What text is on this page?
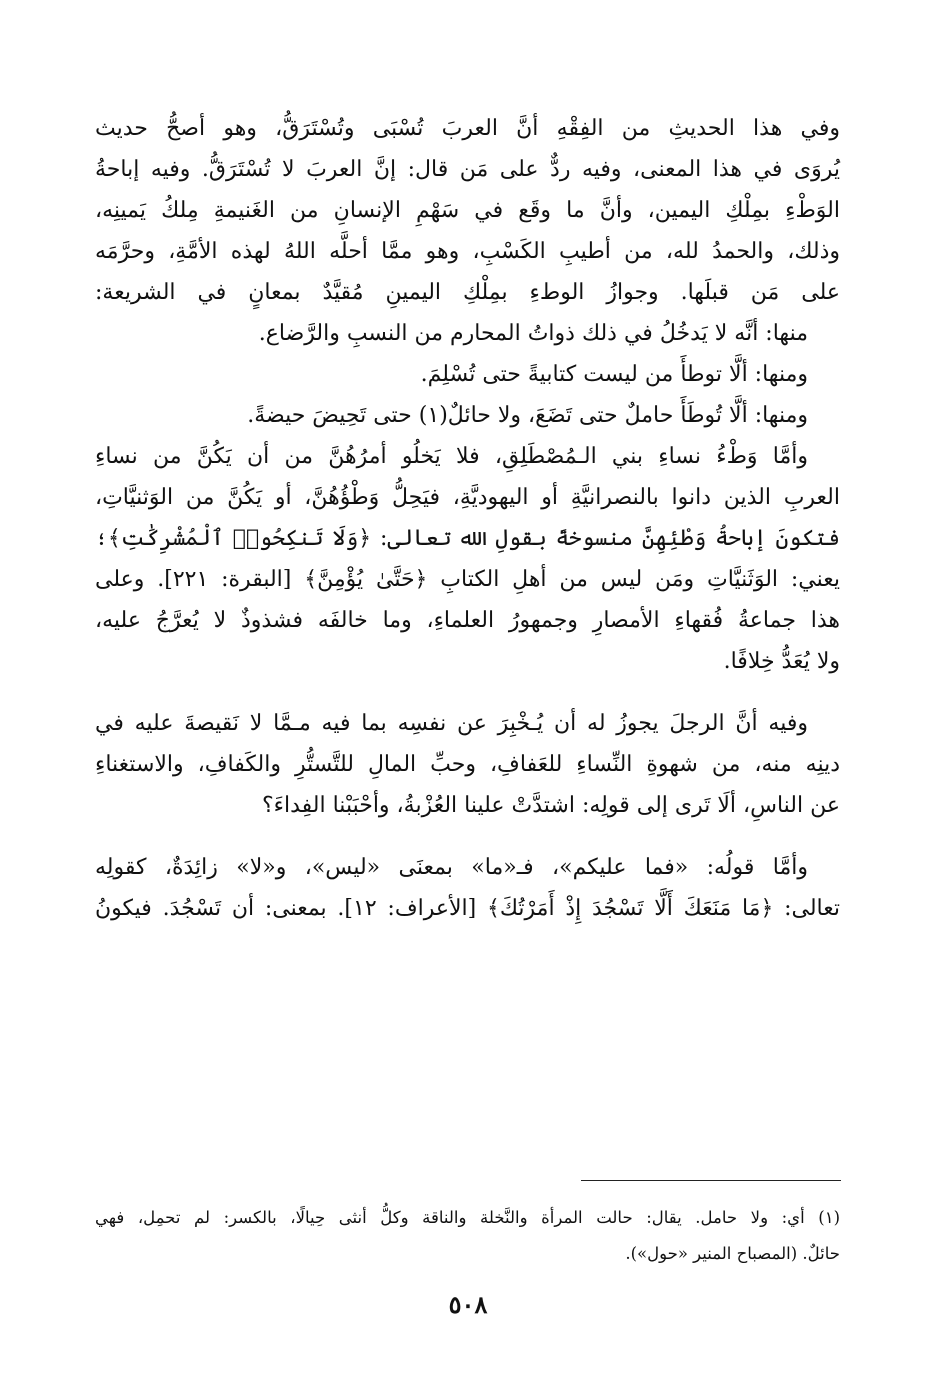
وفي هذا الحديثِ من الفِقْهِ أنَّ العربَ تُسْبَى وتُسْتَرَقُّ، وهو أصحُّ حديث

يُروَى في هذا المعنى، وفيه ردٌّ على مَن قال: إنَّ العربَ لا تُسْتَرَقُّ. وفيه إباحةُ

الوَطْءِ بمِلْكِ اليمين، وأنَّ ما وقَع في سَهْمِ الإنسانِ من الغَنيمةِ مِلكُ يَمينِه،

وذلك، والحمدُ لله، من أطيبِ الكَسْبِ، وهو ممَّا أحلَّه اللهُ لهذه الأمَّةِ، وحرَّمَه

على مَن قبلَها. وجوازُ الوطءِ بمِلْكِ اليمينِ مُقيَّدٌ بمعانٍ في الشريعة:

منها: أنَّه لا يَدخُلُ في ذلك ذواتُ المحارم من النسبِ والرَّضاع.

ومنها: ألَّا توطأَ من ليست كتابيةً حتى تُسْلِمَ.

ومنها: ألَّا تُوطَأَ حاملٌ حتى تَضَعَ، ولا حائلٌ(١) حتى تَحِيضَ حيضةً.

وأمَّا وَطْءُ نساءِ بني الـمُصْطَلِقِ، فلا يَخلُو أمرُهُنَّ من أن يَكُنَّ من نساءِ

العربِ الذين دانوا بالنصرانيَّةِ أو اليهوديَّةِ، فيَحِلُّ وَطْؤُهُنَّ، أو يَكُنَّ من الوَثنيَّاتِ،

فتكونَ إباحةُ وَطْئِهِنَّ منسوخةً بقولِ الله تعالى: ﴿وَلَا تَنكِحُوا۟ ٱلْمُشْرِكَٰتِ﴾؛

يعني: الوَثَنيَّاتِ ومَن ليس من أهلِ الكتابِ ﴿حَتَّىٰ يُؤْمِنَّ﴾ [البقرة: ٢٢١]. وعلى

هذا جماعةُ فُقهاءِ الأمصارِ وجمهورُ العلماءِ، وما خالفَه فشذوذٌ لا يُعرَّجُ عليه،

ولا يُعَدُّ خِلافًا.

وفيه أنَّ الرجلَ يجوزُ له أن يُـخْبِرَ عن نفسِه بما فيه مـمَّا لا نَقيصةَ عليه في

دينِه منه، من شهوةِ النِّساءِ للعَفافِ، وحبِّ المالِ للتَّستُّرِ والكَفافِ، والاستغناءِ

عن الناسِ، ألَا تَرى إلى قولِه: اشتدَّتْ علينا العُزْبةُ، وأحْبَبْنا الفِداءَ؟

وأمَّا قولُه: «فما عليكم»، فـ«ما» بمعنَى «ليس»، و«لا» زائِدَةٌ، كقولِه

تعالى: ﴿مَا مَنَعَكَ أَلَّا تَسْجُدَ إِذْ أَمَرْتُكَ﴾ [الأعراف: ١٢]. بمعنى: أن تَسْجُدَ. فيكونُ

(١) أي: ولا حامل. يقال: حالت المرأة والنَّخلة والناقة وكلُّ أنثى حِيالًا، بالكسر: لم تحمِل، فهي

حائلٌ. (المصباح المنير «حول»).

٥٠٨
